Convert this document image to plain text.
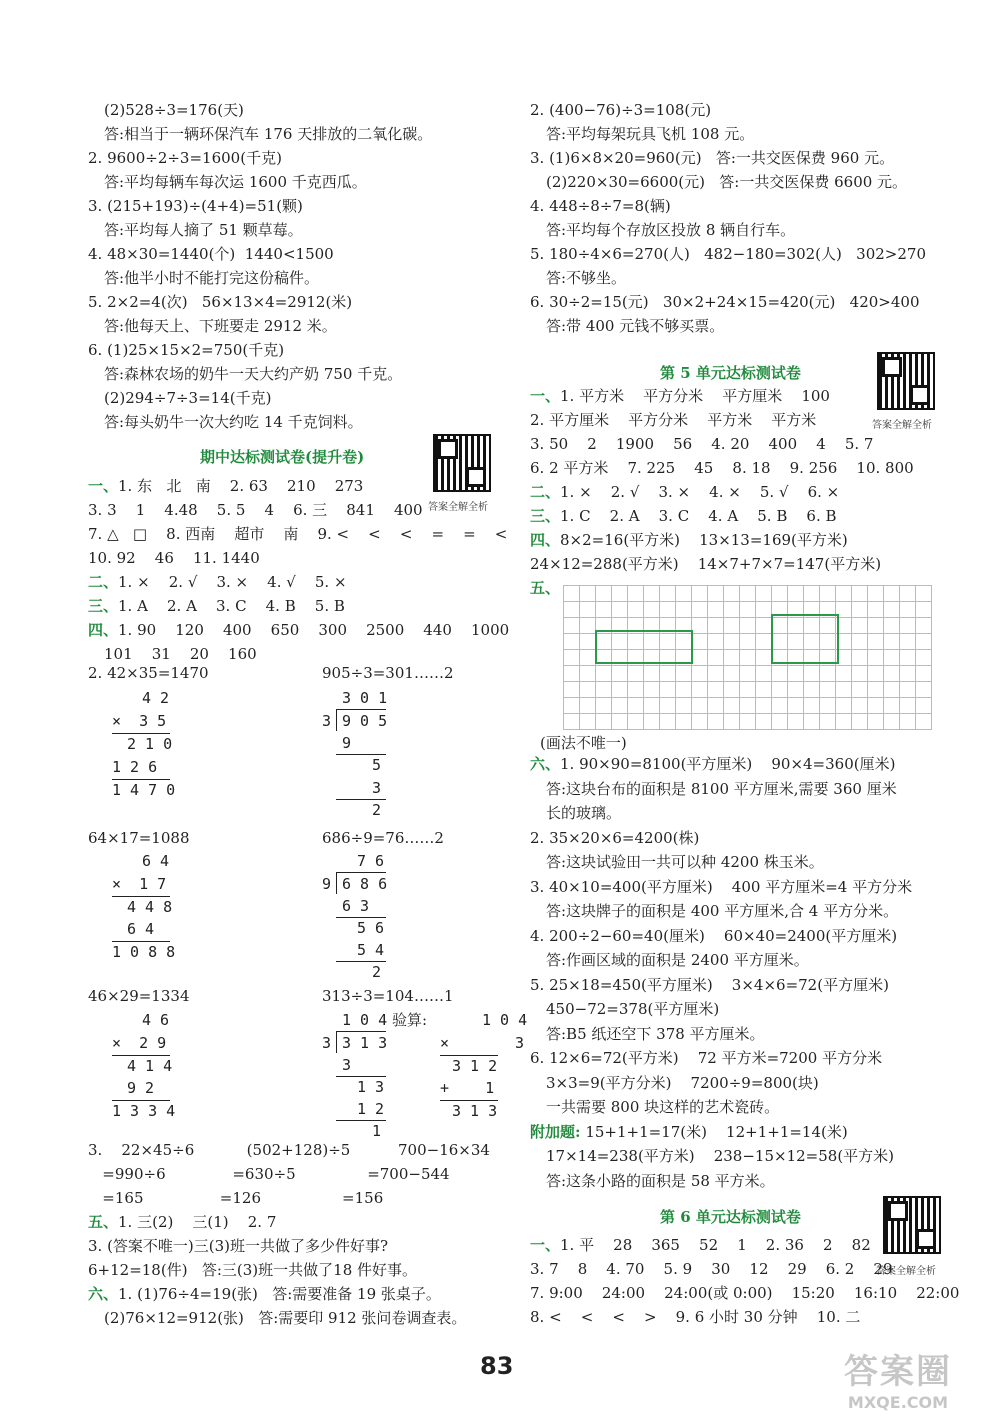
(2)528÷3=176(天)
答:相当于一辆环保汽车 176 天排放的二氧化碳。
2. 9600÷2÷3=1600(千克)
答:平均每辆车每次运 1600 千克西瓜。
3. (215+193)÷(4+4)=51(颗)
答:平均每人摘了 51 颗草莓。
4. 48×30=1440(个)  1440<1500
答:他半小时不能打完这份稿件。
5. 2×2=4(次)   56×13×4=2912(米)
答:他每天上、下班要走 2912 米。
6. (1)25×15×2=750(千克)
答:森林农场的奶牛一天大约产奶 750 千克。
(2)294÷7÷3=14(千克)
答:每头奶牛一次大约吃 14 千克饲料。
期中达标测试卷(提升卷)
答案全解全析
一、1. 东   北   南    2. 63    210    273
3. 3    1    4.48    5. 5    4    6. 三    841    400
7. △   □    8. 西南    超市    南    9. <    <    <    =    =    <
10. 92    46    11. 1440
二、1. ×    2. √    3. ×    4. √    5. ×
三、1. A    2. A    3. C    4. B    5. B
四、1. 90    120    400    650    300    2500    440    1000
101    31    20    160
2. 42×35=1470	905÷3=301……2
4 2
×  3 5
2 1 0
1 2 6
1 4 7 0
3 0 1
3 9 0 5
9
5
3
2
64×17=1088	686÷9=76……2
6 4
×  1 7
4 4 8
6 4
1 0 8 8
7 6
9 6 8 6
6 3
5 6
5 4
2
46×29=1334	313÷3=104……1
4 6
×  2 9
4 1 4
9 2
1 3 3 4
1 0 4 验算:
3 3 1 3
3
1 3
1 2
1
1 0 4
×	3
3 1 2
+    1
3 1 3
3.    22×45÷6           (502+128)÷5          700−16×34
=990÷6              =630÷5               =700−544
=165                =126                 =156
五、1. 三(2)    三(1)    2. 7
3. (答案不唯一)三(3)班一共做了多少件好事?
6+12=18(件)   答:三(3)班一共做了18 件好事。
六、1. (1)76÷4=19(张)   答:需要准备 19 张桌子。
(2)76×12=912(张)   答:需要印 912 张问卷调查表。
2. (400−76)÷3=108(元)
答:平均每架玩具飞机 108 元。
3. (1)6×8×20=960(元)   答:一共交医保费 960 元。
(2)220×30=6600(元)   答:一共交医保费 6600 元。
4. 448÷8÷7=8(辆)
答:平均每个存放区投放 8 辆自行车。
5. 180÷4×6=270(人)   482−180=302(人)   302>270
答:不够坐。
6. 30÷2=15(元)   30×2+24×15=420(元)   420>400
答:带 400 元钱不够买票。
第 5 单元达标测试卷
答案全解全析
一、1. 平方米    平方分米    平方厘米    100
2. 平方厘米    平方分米    平方米    平方米
3. 50    2    1900    56    4. 20    400    4    5. 7
6. 2 平方米    7. 225    45    8. 18    9. 256    10. 800
二、1. ×    2. √    3. ×    4. ×    5. √    6. ×
三、1. C    2. A    3. C    4. A    5. B    6. B
四、8×2=16(平方米)    13×13=169(平方米)
24×12=288(平方米)    14×7+7×7=147(平方米)
五、
(画法不唯一)
六、1. 90×90=8100(平方厘米)    90×4=360(厘米)
答:这块台布的面积是 8100 平方厘米,需要 360 厘米
长的玻璃。
2. 35×20×6=4200(株)
答:这块试验田一共可以种 4200 株玉米。
3. 40×10=400(平方厘米)    400 平方厘米=4 平方分米
答:这块牌子的面积是 400 平方厘米,合 4 平方分米。
4. 200÷2−60=40(厘米)    60×40=2400(平方厘米)
答:作画区域的面积是 2400 平方厘米。
5. 25×18=450(平方厘米)    3×4×6=72(平方厘米)
450−72=378(平方厘米)
答:B5 纸还空下 378 平方厘米。
6. 12×6=72(平方米)    72 平方米=7200 平方分米
3×3=9(平方分米)    7200÷9=800(块)
一共需要 800 块这样的艺术瓷砖。
附加题: 15+1+1=17(米)    12+1+1=14(米)
17×14=238(平方米)    238−15×12=58(平方米)
答:这条小路的面积是 58 平方米。
第 6 单元达标测试卷
答案全解全析
一、1. 平    28    365    52    1    2. 36    2    82
3. 7    8    4. 70    5. 9    30    12    29    6. 2    29
7. 9:00    24:00    24:00(或 0:00)    15:20    16:10    22:00
8. <    <    <    >    9. 6 小时 30 分钟    10. 二
83	答案圈
MXQE.COM
